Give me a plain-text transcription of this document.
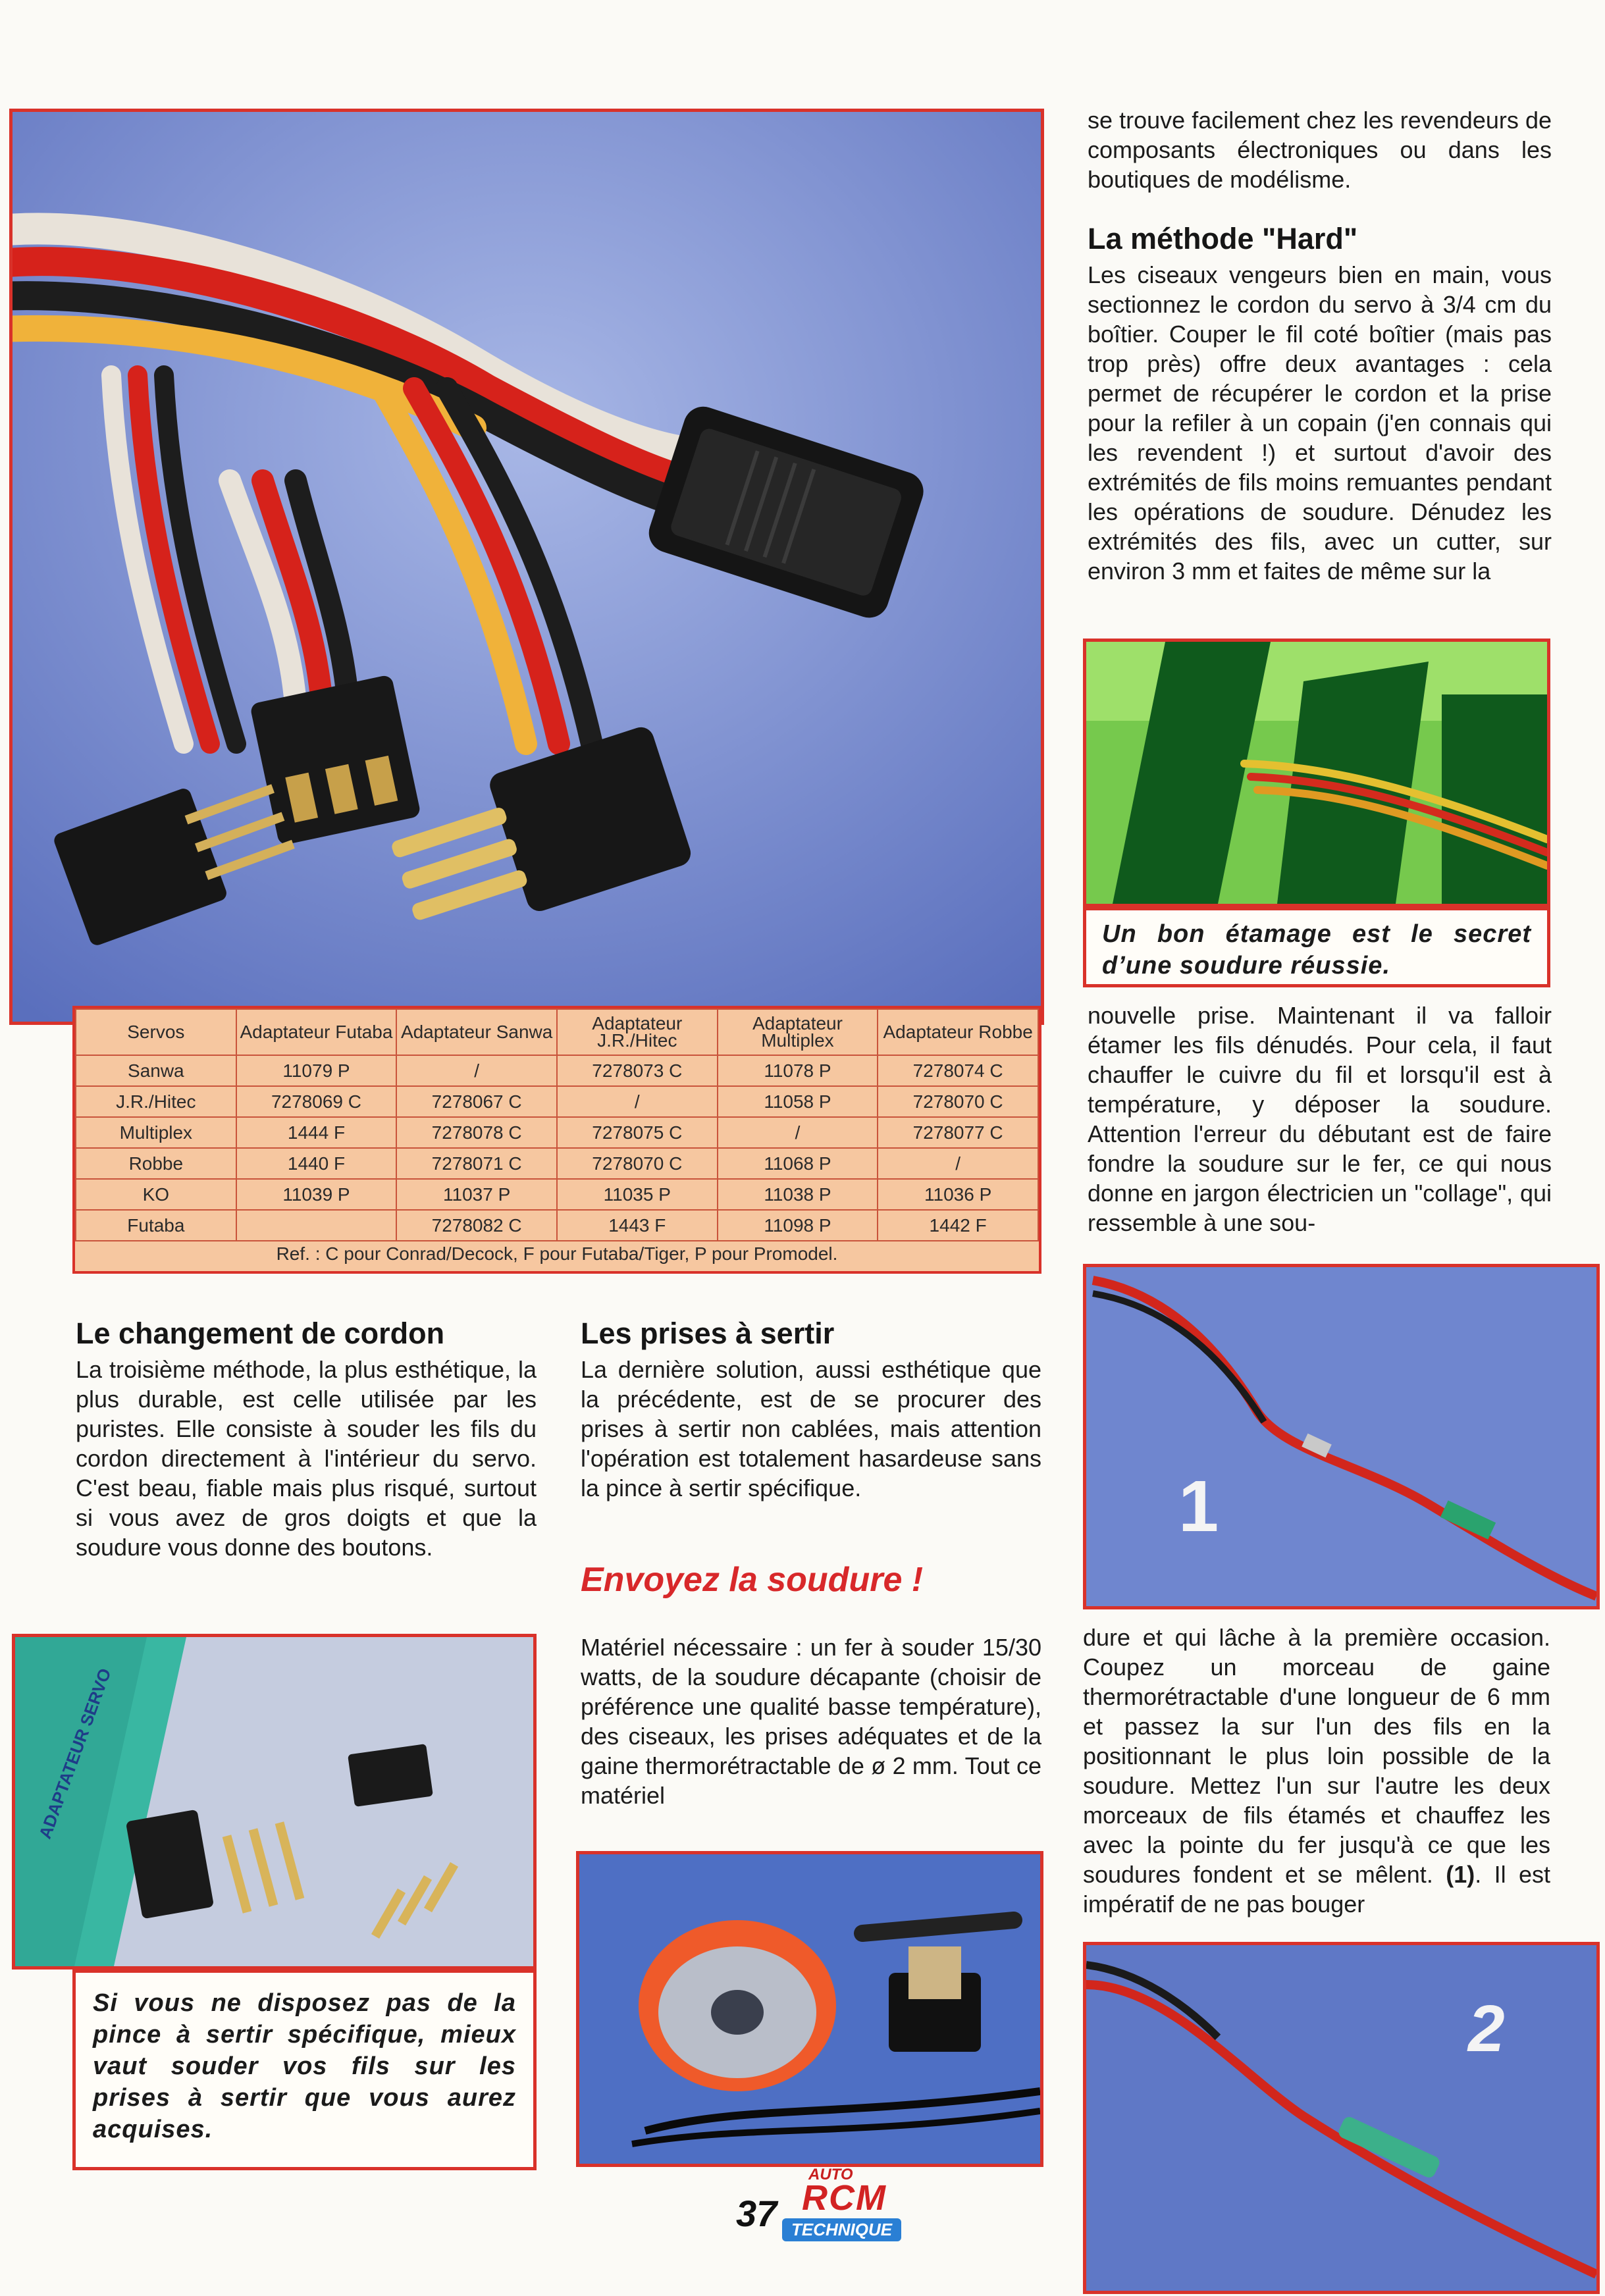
Servos	Adaptateur Futaba	Adaptateur Sanwa	Adaptateur J.R./Hitec	Adaptateur Multiplex	Adaptateur Robbe
Sanwa	11079 P	/	7278073 C	11078 P	7278074 C
J.R./Hitec	7278069 C	7278067 C	/	11058 P	7278070 C
Multiplex	1444 F	7278078 C	7278075 C	/	7278077 C
Robbe	1440 F	7278071 C	7278070 C	11068 P	/
KO	11039 P	11037 P	11035 P	11038 P	11036 P
Futaba		7278082 C	1443 F	11098 P	1442 F
Ref. : C pour Conrad/Decock, F pour Futaba/Tiger, P pour Promodel.					

se trouve facilement chez les revendeurs de composants électroniques ou dans les boutiques de modélisme.

La méthode "Hard"

Les ciseaux vengeurs bien en main, vous sectionnez le cordon du servo à 3/4 cm du boîtier. Couper le fil coté boîtier (mais pas trop près) offre deux avantages : cela permet de récupérer le cordon et la prise pour la refiler à un copain (j'en connais qui les revendent !) et surtout d'avoir des extrémités de fils moins remuantes pendant les opérations de soudure. Dénudez les extrémités des fils, avec un cutter, sur environ 3 mm et faites de même sur la

Un bon étamage est le secret d’une soudure réussie.

nouvelle prise. Maintenant il va falloir étamer les fils dénudés. Pour cela, il faut chauffer le cuivre du fil et lorsqu'il est à température, y déposer la soudure. Attention l'erreur du débutant est de faire fondre la soudure sur le fer, ce qui nous donne en jargon électricien un "collage", qui ressemble à une sou-

1

dure et qui lâche à la première occasion. Coupez un morceau de gaine thermorétractable d'une longueur de 6 mm et passez la sur l'un des fils en la positionnant le plus loin possible de la soudure. Mettez l'un sur l'autre les deux morceaux de fils étamés et chauffez les avec la pointe du fer jusqu'à ce que les soudures fondent et se mêlent. (1). Il est impératif de ne pas bouger

2
Le changement de cordon

La troisième méthode, la plus esthétique, la plus durable, est celle utilisée par les puristes. Elle consiste à souder les fils du cordon directement à l'intérieur du servo. C'est beau, fiable mais plus risqué, surtout si vous avez de gros doigts et que la soudure vous donne des boutons.

ADAPTATEUR SERVO
Si vous ne disposez pas de la pince à sertir spécifique, mieux vaut souder vos fils sur les prises à sertir que vous aurez acquises.
Les prises à sertir

La dernière solution, aussi esthétique que la précédente, est de se procurer des prises à sertir non cablées, mais attention l'opération est totalement hasardeuse sans la pince à sertir spécifique.

Envoyez la soudure !

Matériel nécessaire : un fer à souder 15/30 watts, de la soudure décapante (choisir de préférence une qualité basse température), des ciseaux, les prises adéquates et de la gaine thermorétractable de ø 2 mm. Tout ce matériel

37
AUTO
RCM
TECHNIQUE
